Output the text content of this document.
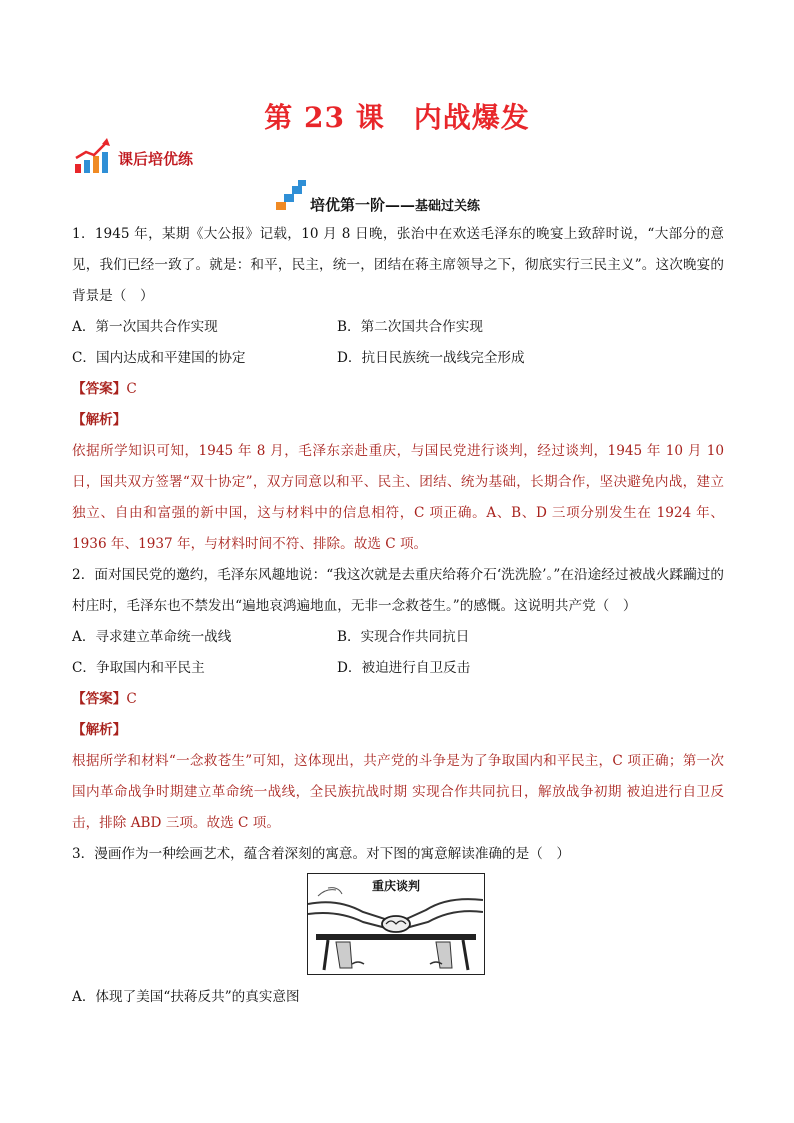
第 23 课　内战爆发
课后培优练
培优第一阶——基础过关练

1．1945 年，某期《大公报》记载，10 月 8 日晚，张治中在欢送毛泽东的晚宴上致辞时说，“大部分的意见，我们已经一致了。就是：和平，民主，统一，团结在蒋主席领导之下，彻底实行三民主义”。这次晚宴的背景是（　）

A．第一次国共合作实现	B．第二次国共合作实现
C．国内达成和平建国的协定	D．抗日民族统一战线完全形成

【答案】C

【解析】

依据所学知识可知，1945 年 8 月，毛泽东亲赴重庆，与国民党进行谈判，经过谈判，1945 年 10 月 10 日，国共双方签署“双十协定”，双方同意以和平、民主、团结、统为基础，长期合作，坚决避免内战，建立独立、自由和富强的新中国，这与材料中的信息相符，C 项正确。A、B、D 三项分别发生在 1924 年、1936 年、1937 年，与材料时间不符、排除。故选 C 项。

2．面对国民党的邀约，毛泽东风趣地说：“我这次就是去重庆给蒋介石‘洗洗脸’。”在沿途经过被战火蹂躏过的村庄时，毛泽东也不禁发出“遍地哀鸿遍地血，无非一念救苍生。”的感慨。这说明共产党（　）

A．寻求建立革命统一战线	B．实现合作共同抗日
C．争取国内和平民主	D．被迫进行自卫反击

【答案】C

【解析】

根据所学和材料“一念救苍生”可知，这体现出，共产党的斗争是为了争取国内和平民主，C 项正确；第一次国内革命战争时期建立革命统一战线，全民族抗战时期 实现合作共同抗日，解放战争初期 被迫进行自卫反击，排除 ABD 三项。故选 C 项。

3．漫画作为一种绘画艺术，蕴含着深刻的寓意。对下图的寓意解读准确的是（　）

重庆谈判
A．体现了美国“扶蒋反共”的真实意图
